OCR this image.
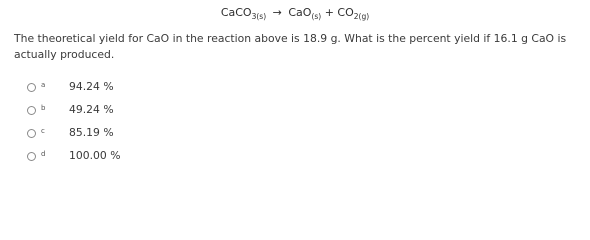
CaCO$_{3(s)}$ → $CaO_{(s)} + CO_{2(g)}$
The theoretical yield for CaO in the reaction above is 18.9 g. What is the percent yield if 16.1 g CaO is
actually produced.
a 94.24 %
b 49.24 %
c 85.19 %
d 100.00 %
